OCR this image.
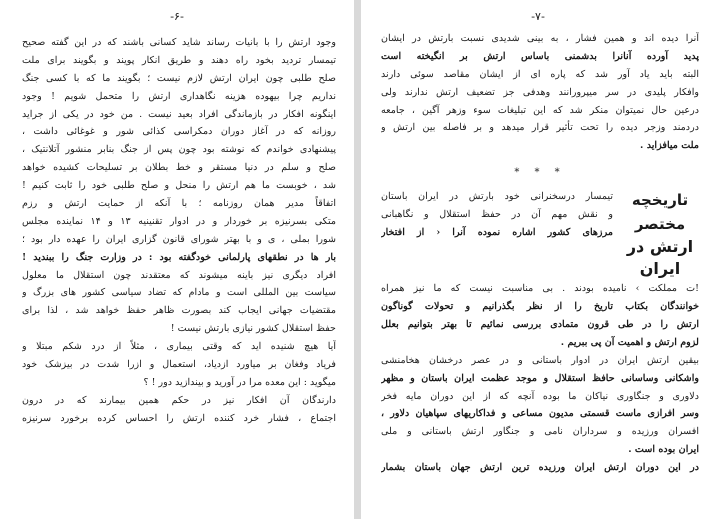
-۶-
وجود ارتش را با بانیات رساند شاید کسانی باشند که در این گفته صحیح
تیمسار تردید بخود راه دهند و طریق انکار پویند و بگویند برای ملت
صلح طلبی چون ایران ارتش لازم نیست ؛ بگویند ما که با کسی جنگ
نداریم چرا بیهوده هزینه نگاهداری ارتش را متحمل شویم ! وجود
اینگونه افکار در بازماندگی افراد بعید نیست . من خود در یکی از جراید
روزانه که در آغاز دوران دمکراسی کذائی شور و غوغائی داشت ،
پیشنهادی خواندم که نوشته بود چون پس از جنگ بنابر منشور آتلانتیک ،
صلح و سلم در دنیا مستقر و خط بطلان بر تسلیحات کشیده خواهد
شد ، خوبست ما هم ارتش را منحل و صلح طلبی خود را ثابت کنیم !
اتفاقاً مدیر همان روزنامه ؛ با آنکه از حمایت ارتش و رزم
متکی بسرنیزه بر خوردار و در ادوار تقنینیه ۱۳ و ۱۴ نماینده مجلس
شورا بملی ، ی و با بهتر شورای قانون گزاری ایران را عهده دار بود ؛
بار ها در نطقهای پارلمانی خودگفته بود : در وزارت جنگ را ببندید !
افراد دیگری نیز باینه میشوند که معتقدند چون استقلال ما معلول
سیاست بین المللی است و مادام که تضاد سیاسی کشور های بزرگ و
مقتضیات جهانی ایجاب کند بصورت ظاهر حفظ خواهد شد ، لذا برای
حفظ استقلال کشور نیازی بارتش نیست !
آیا هیچ شنیده اید که وقتی بیماری ، مثلاً از درد شکم مبتلا و
فریاد وفغان بر میاورد ازدیاد، استعمال و ازرا شدت در بیزشک خود
میگوید : این معده مرا در آورید و بیندازید دور ! ؟
دارندگان آن افکار نیز در حکم همین بیمارند که در درون
اجتماع ، فشار خرد کننده ارتش را احساس کرده برخورد سرنیزه
-۷-
آنرا دیده اند و همین فشار ، به بینی شدیدی نسبت بارتش در ایشان
پدید آورده آنانرا بدشمنی باساس ارتش بر انگیخته است
البته باید یاد آور شد که پاره ای از ایشان مقاصد سوئی دارند
وافکار پلیدی در سر میپرورانند وهدفی جز تضعیف ارتش ندارند ولی
درعین حال نمیتوان منکر شد که این تبلیغات سوء وزهر آگین ، جامعه
دردمند وزجر دیده را تحت تأثیر قرار میدهد و بر فاصله بین ارتش و
ملت میافزاید .
* * *
تاریخچه مختصر
ارتش در ایران
تیمسار درسخنرانی خود بارتش در ایران باستان
و نقش مهم آن در حفظ استقلال و نگاهبانی
مرزهای کشور اشاره نموده آنرا ‹ از افتخار
!ت مملکت › نامیده بودند . بی مناسبت نیست که ما نیز همراه
خوانندگان بکتاب تاریخ را از نظر بگذرانیم و تحولات گوناگون
ارتش را در طی قرون متمادی بررسی نمائیم تا بهتر بتوانیم بعلل
لزوم ارتش و اهمیت آن پی ببریم .
بیقین ارتش ایران در ادوار باستانی و در عصر درخشان هخامنشی
واشکانی وساسانی حافظ استقلال و موجد عظمت ایران باستان و مظهر
دلاوری و جنگاوری نیاکان ما بوده آنچه که از این دوران مایه فخر
وسر افرازی ماست قسمتی مدیون مساعی و فداکاریهای سپاهیان دلاور ،
افسران ورزیده و سرداران نامی و جنگاور ارتش باستانی و ملی
ایران بوده است .
در این دوران ارتش ایران ورزیده ترین ارتش جهان باستان بشمار
